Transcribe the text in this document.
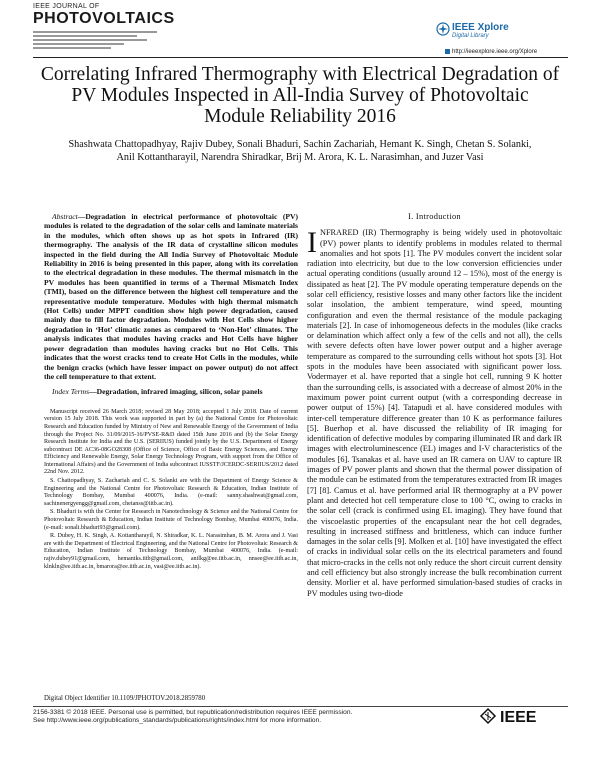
IEEE JOURNAL OF
PHOTOVOLTAICS
IEEE Xplore
Digital Library
http://ieeexplore.ieee.org/Xplore
Correlating Infrared Thermography with Electrical Degradation of PV Modules Inspected in All-India Survey of Photovoltaic Module Reliability 2016
Shashwata Chattopadhyay, Rajiv Dubey, Sonali Bhaduri, Sachin Zachariah, Hemant K. Singh, Chetan S. Solanki, Anil Kottantharayil, Narendra Shiradkar, Brij M. Arora, K. L. Narasimhan, and Juzer Vasi
Abstract—Degradation in electrical performance of photovoltaic (PV) modules is related to the degradation of the solar cells and laminate materials in the modules, which often shows up as hot spots in Infrared (IR) thermography. The analysis of the IR data of crystalline silicon modules inspected in the field during the All India Survey of Photovoltaic Module Reliability in 2016 is being presented in this paper, along with its correlation to the electrical degradation in these modules. The thermal mismatch in the PV modules has been quantified in terms of a Thermal Mismatch Index (TMI), based on the difference between the highest cell temperature and the representative module temperature. Modules with high thermal mismatch (Hot Cells) under MPPT condition show high power degradation, caused mainly due to fill factor degradation. Modules with Hot Cells show higher degradation in ‘Hot’ climatic zones as compared to ‘Non-Hot’ climates. The analysis indicates that modules having cracks and Hot Cells have higher power degradation than modules having cracks but no Hot Cells. This indicates that the worst cracks tend to create Hot Cells in the modules, while the benign cracks (which have lesser impact on power output) do not affect the cell temperature to that extent.
Index Terms—Degradation, infrared imaging, silicon, solar panels

Manuscript received 26 March 2018; revised 28 May 2018; accepted 1 July 2018. Date of current version 15 July 2018. This work was supported in part by (a) the National Centre for Photovoltaic Research and Education funded by Ministry of New and Renewable Energy of the Government of India through the Project No. 31/09/2015-16/PVSE-R&D dated 15th June 2016 and (b) the Solar Energy Research Institute for India and the U.S. (SERIIUS) funded jointly by the U.S. Department of Energy subcontract DE AC36-08GO28308 (Office of Science, Office of Basic Energy Sciences, and Energy Efficiency and Renewable Energy, Solar Energy Technology Program, with support from the Office of International Affairs) and the Government of India subcontract IUSSTF/JCERDC-SERIIUS/2012 dated 22nd Nov. 2012.

S. Chattopadhyay, S. Zachariah and C. S. Solanki are with the Department of Energy Science & Engineering and the National Centre for Photovoltaic Research & Education, Indian Institute of Technology Bombay, Mumbai 400076, India. (e-mail: sanny.shashwat@gmail.com, sachinenergyengg@gmail.com, chetanss@iitb.ac.in).

S. Bhaduri is with the Center for Research in Nanotechnology & Science and the National Centre for Photovoltaic Research & Education, Indian Institute of Technology Bombay, Mumbai 400076, India. (e-mail: sonali.bhaduri93@gmail.com).

R. Dubey, H. K. Singh, A. Kottantharayil, N. Shiradkar, K. L. Narasimhan, B. M. Arora and J. Vasi are with the Department of Electrical Engineering, and the National Centre for Photovoltaic Research & Education, Indian Institute of Technology Bombay, Mumbai 400076, India. (e-mail: rajiv.dubey91@gmail.com, hemantks.iitb@gmail.com, anilkg@ee.iitb.ac.in, nnsee@ee.iitb.ac.in, klnkln@ee.iitb.ac.in, bmarora@ee.iitb.ac.in, vasi@ee.iitb.ac.in).

Digital Object Identifier 10.1109/JPHOTOV.2018.2859780
I. Introduction
INFRARED (IR) Thermography is being widely used in photovoltaic (PV) power plants to identify problems in modules related to thermal anomalies and hot spots [1]. The PV modules convert the incident solar radiation into electricity, but due to the low conversion efficiencies under actual operating conditions (usually around 12 – 15%), most of the energy is dissipated as heat [2]. The PV module operating temperature depends on the solar cell efficiency, resistive losses and many other factors like the incident solar insolation, the ambient temperature, wind speed, mounting configuration and even the thermal resistance of the module packaging materials [2]. In case of inhomogeneous defects in the modules (like cracks or delamination which affect only a few of the cells and not all), the cells with severe defects often have lower power output and a higher average temperature as compared to the surrounding cells without hot spots [3]. Hot spots in the modules have been associated with significant power loss. Vodermayer et al. have reported that a single hot cell, running 9 K hotter than the surrounding cells, is associated with a decrease of almost 20% in the maximum power point current output (with a corresponding decrease in power output of 15%) [4]. Tatapudi et al. have considered modules with inter-cell temperature difference greater than 10 K as performance failures [5]. Buerhop et al. have discussed the reliability of IR imaging for identification of defective modules by comparing illuminated IR and dark IR images with electroluminescence (EL) images and I-V characteristics of the modules [6]. Tsanakas et al. have used an IR camera on UAV to capture IR images of PV power plants and shown that the thermal power dissipation of the module can be estimated from the temperatures extracted from IR images [7] [8]. Camus et al. have performed arial IR thermography at a PV power plant and detected hot cell temperature close to 100 °C, owing to cracks in the solar cell (crack is confirmed using EL imaging). They have found that the viscoelastic properties of the encapsulant near the hot cell degrades, resulting in increased stiffness and brittleness, which can induce further damages in the solar cells [9]. Molken et al. [10] have investigated the effect of cracks in individual solar cells on the its electrical parameters and found that micro-cracks in the cells not only reduce the short circuit current density and cell efficiency but also strongly increase the bulk recombination current density. Morlier et al. have performed simulation-based studies of cracks in PV modules using two-diode
2156-3381 © 2018 IEEE. Personal use is permitted, but republication/redistribution requires IEEE permission.
See http://www.ieee.org/publications_standards/publications/rights/index.html for more information.	IEEE
